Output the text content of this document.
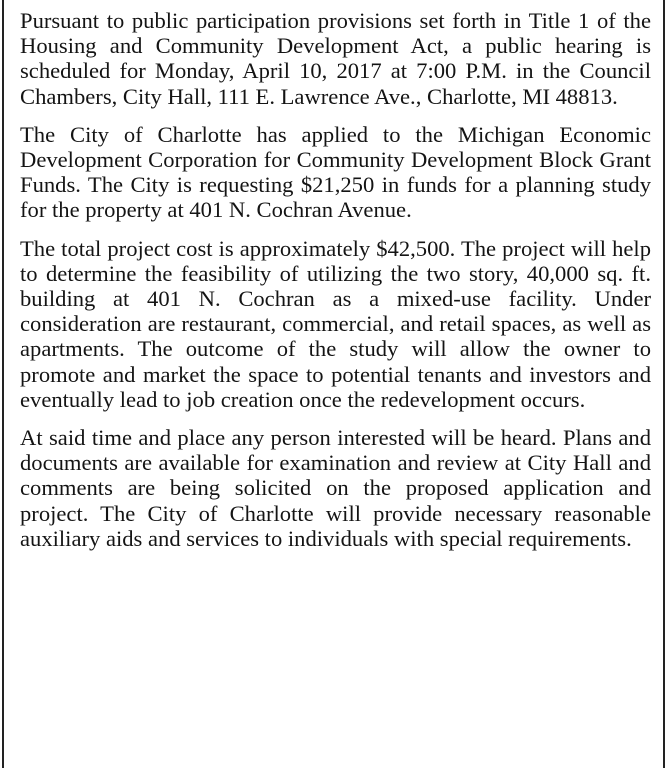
Pursuant to public participation provisions set forth in Title 1 of the Housing and Community Development Act, a public hearing is scheduled for Monday, April 10, 2017 at 7:00 P.M. in the Council Chambers, City Hall, 111 E. Lawrence Ave., Charlotte, MI 48813.

The City of Charlotte has applied to the Michigan Economic Development Corporation for Community Development Block Grant Funds. The City is requesting $21,250 in funds for a planning study for the property at 401 N. Cochran Avenue.

The total project cost is approximately $42,500. The project will help to determine the feasibility of utilizing the two story, 40,000 sq. ft. building at 401 N. Cochran as a mixed-use facility. Under consideration are restaurant, commercial, and retail spaces, as well as apartments. The outcome of the study will allow the owner to promote and market the space to potential tenants and investors and eventually lead to job creation once the redevelopment occurs.

At said time and place any person interested will be heard. Plans and documents are available for examination and review at City Hall and comments are being solicited on the proposed application and project. The City of Charlotte will provide necessary reasonable auxiliary aids and services to individuals with special requirements.
